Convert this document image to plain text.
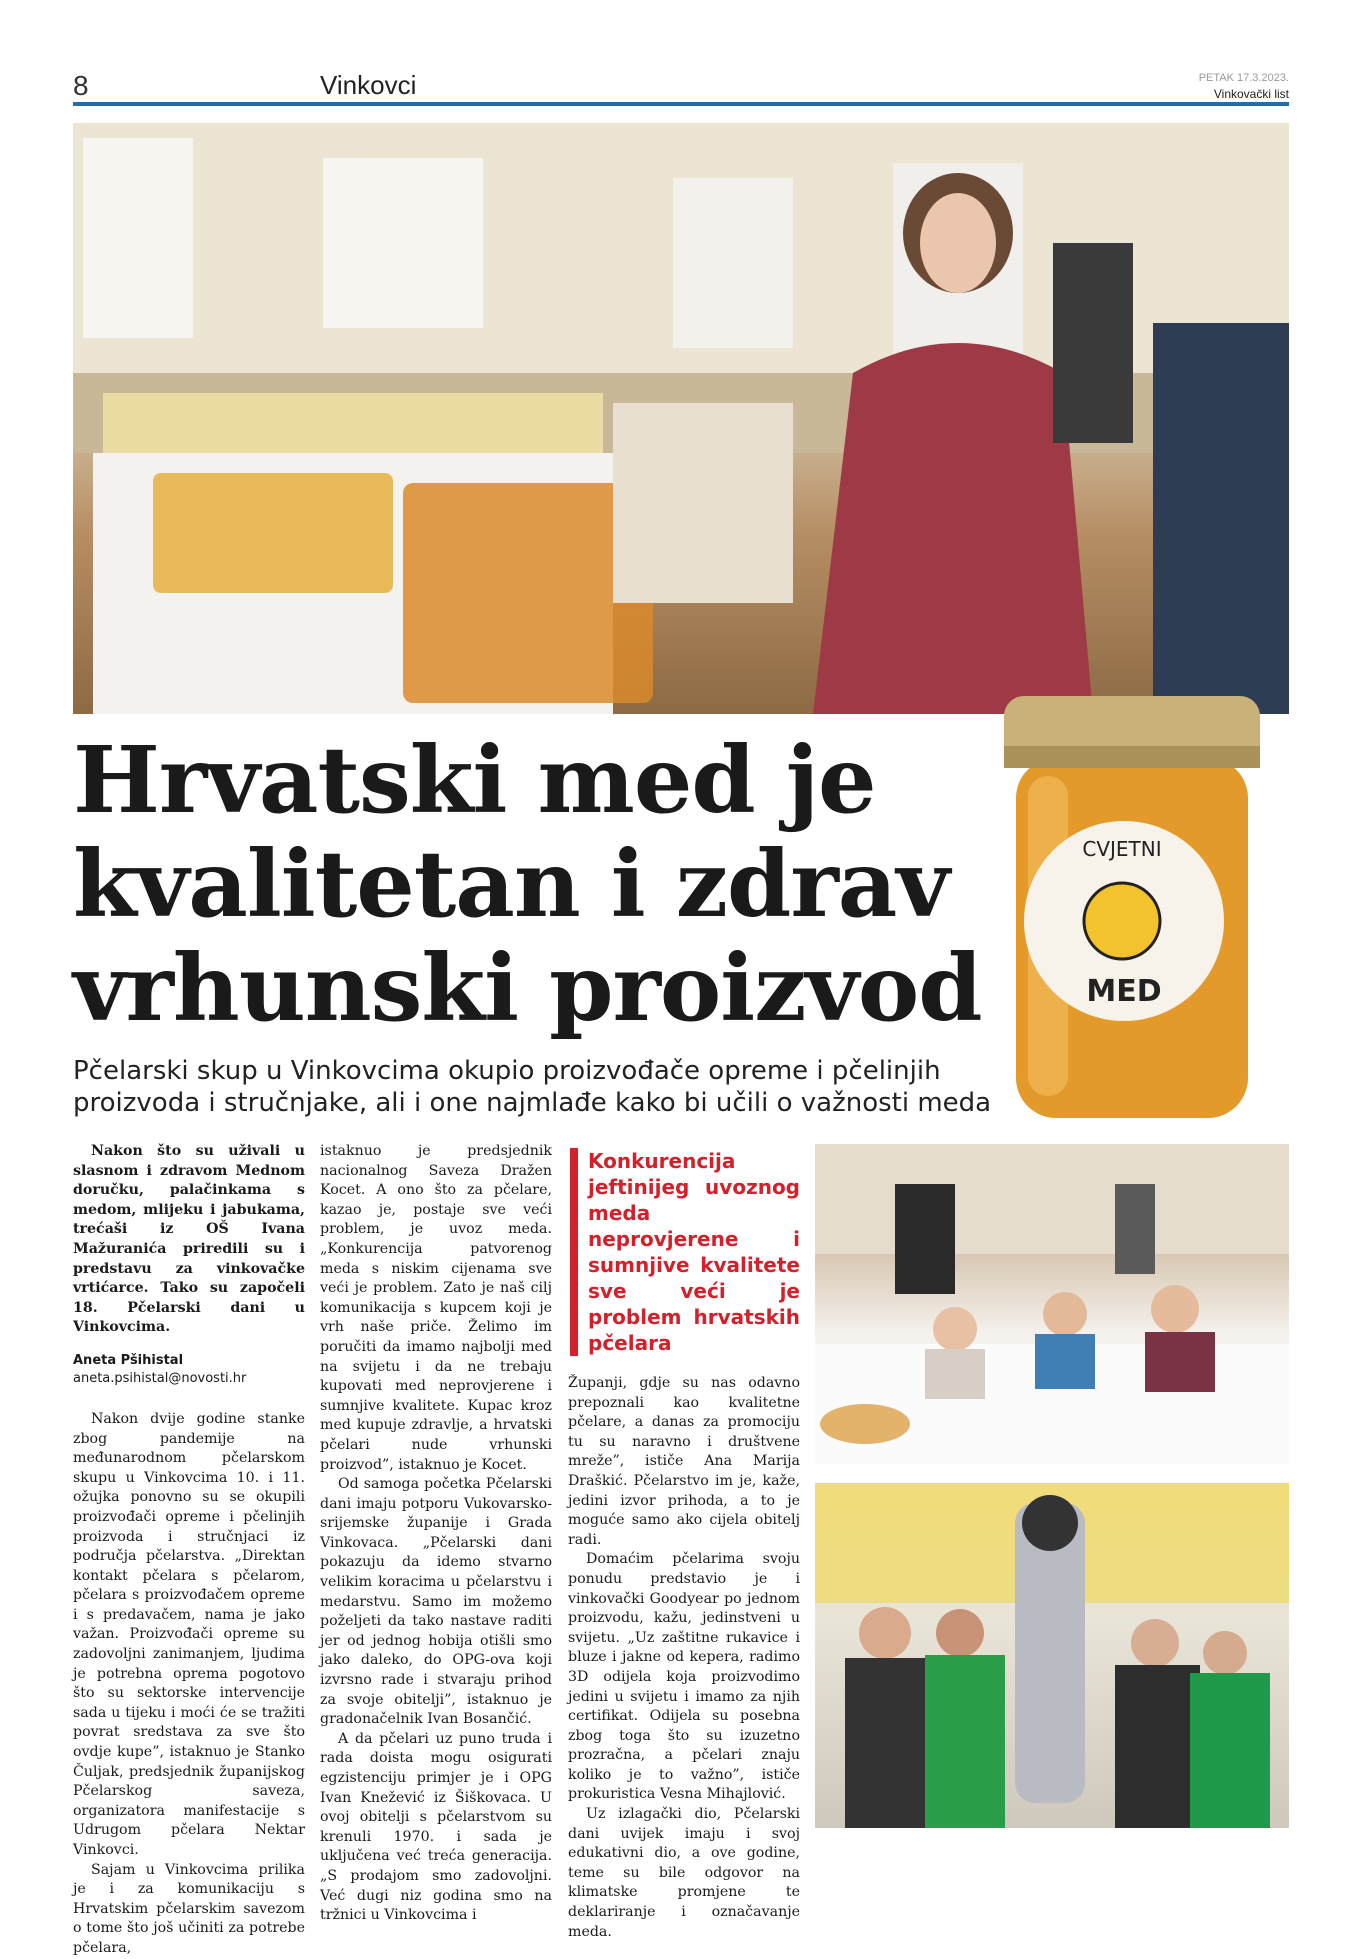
8	Vinkovci	PETAK 17.3.2023.
Vinkovački list
Hrvatski med je kvalitetan i zdrav vrhunski proizvod
Pčelarski skup u Vinkovcima okupio proizvođače opreme i pčelinjih proizvoda i stručnjake, ali i one najmlađe kako bi učili o važnosti meda
CVJETNI
MED

Nakon što su uživali u slasnom i zdravom Mednom doručku, palačinkama s medom, mlijeku i jabukama, trećaši iz OŠ Ivana Mažuranića priredili su i predstavu za vinkovačke vrtićarce. Tako su započeli 18. Pčelarski dani u Vinkovcima.

Aneta Pšihistal

aneta.psihistal@novosti.hr

Nakon dvije godine stanke zbog pandemije na međunarodnom pčelarskom skupu u Vinkovcima 10. i 11. ožujka ponovno su se okupili proizvođači opreme i pčelinjih proizvoda i stručnjaci iz područja pčelarstva. „Direktan kontakt pčelara s pčelarom, pčelara s proizvođačem opreme i s predavačem, nama je jako važan. Proizvođači opreme su zadovoljni zanimanjem, ljudima je potrebna oprema pogotovo što su sektorske intervencije sada u tijeku i moći će se tražiti povrat sredstava za sve što ovdje kupe”, istaknuo je Stanko Čuljak, predsjednik županijskog Pčelarskog saveza, organizatora manifestacije s Udrugom pčelara Nektar Vinkovci.

Sajam u Vinkovcima prilika je i za komunikaciju s Hrvatskim pčelarskim savezom o tome što još učiniti za potrebe pčelara,

istaknuo je predsjednik nacionalnog Saveza Dražen Kocet. A ono što za pčelare, kazao je, postaje sve veći problem, je uvoz meda. „Konkurencija patvorenog meda s niskim cijenama sve veći je problem. Zato je naš cilj komunikacija s kupcem koji je vrh naše priče. Želimo im poručiti da imamo najbolji med na svijetu i da ne trebaju kupovati med neprovjerene i sumnjive kvalitete. Kupac kroz med kupuje zdravlje, a hrvatski pčelari nude vrhunski proizvod”, istaknuo je Kocet.

Od samoga početka Pčelarski dani imaju potporu Vukovarsko-srijemske županije i Grada Vinkovaca. „Pčelarski dani pokazuju da idemo stvarno velikim koracima u pčelarstvu i medarstvu. Samo im možemo poželjeti da tako nastave raditi jer od jednog hobija otišli smo jako daleko, do OPG-ova koji izvrsno rade i stvaraju prihod za svoje obitelji”, istaknuo je gradonačelnik Ivan Bosančić.

A da pčelari uz puno truda i rada doista mogu osigurati egzistenciju primjer je i OPG Ivan Knežević iz Šiškovaca. U ovoj obitelji s pčelarstvom su krenuli 1970. i sada je uključena već treća generacija. „S prodajom smo zadovoljni. Već dugi niz godina smo na tržnici u Vinkovcima i

Konkurencija jeftinijeg uvoznog meda neprovjerene i sumnjive kvalitete sve veći je problem hrvatskih pčelara

Županji, gdje su nas odavno prepoznali kao kvalitetne pčelare, a danas za promociju tu su naravno i društvene mreže”, ističe Ana Marija Draškić. Pčelarstvo im je, kaže, jedini izvor prihoda, a to je moguće samo ako cijela obitelj radi.

Domaćim pčelarima svoju ponudu predstavio je i vinkovački Goodyear po jednom proizvodu, kažu, jedinstveni u svijetu. „Uz zaštitne rukavice i bluze i jakne od kepera, radimo 3D odijela koja proizvodimo jedini u svijetu i imamo za njih certifikat. Odijela su posebna zbog toga što su izuzetno prozračna, a pčelari znaju koliko je to važno”, ističe prokuristica Vesna Mihajlović.

Uz izlagački dio, Pčelarski dani uvijek imaju i svoj edukativni dio, a ove godine, teme su bile odgovor na klimatske promjene te deklariranje i označavanje meda.
